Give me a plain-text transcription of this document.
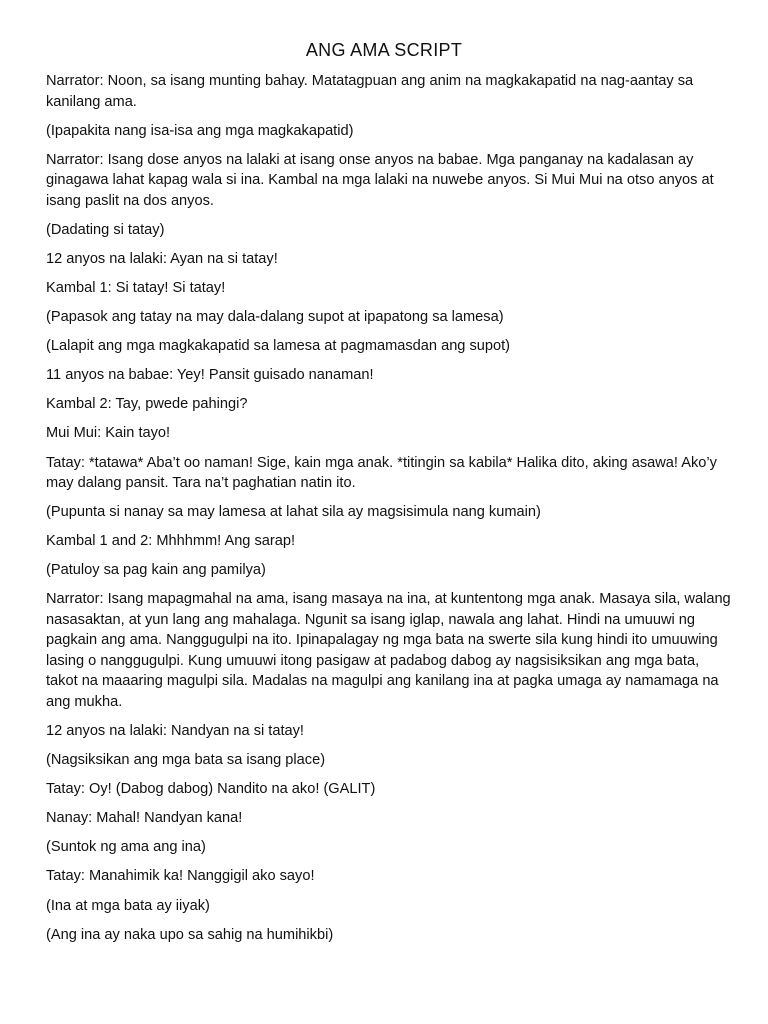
ANG AMA SCRIPT

Narrator: Noon, sa isang munting bahay. Matatagpuan ang anim na magkakapatid na nag-aantay sa kanilang ama.

(Ipapakita nang isa-isa ang mga magkakapatid)

Narrator: Isang dose anyos na lalaki at isang onse anyos na babae. Mga panganay na kadalasan ay ginagawa lahat kapag wala si ina. Kambal na mga lalaki na nuwebe anyos. Si Mui Mui na otso anyos at isang paslit na dos anyos.

(Dadating si tatay)

12 anyos na lalaki: Ayan na si tatay!

Kambal 1: Si tatay! Si tatay!

(Papasok ang tatay na may dala-dalang supot at ipapatong sa lamesa)

(Lalapit ang mga magkakapatid sa lamesa at pagmamasdan ang supot)

11 anyos na babae: Yey! Pansit guisado nanaman!

Kambal 2: Tay, pwede pahingi?

Mui Mui: Kain tayo!

Tatay: *tatawa* Aba’t oo naman! Sige, kain mga anak. *titingin sa kabila* Halika dito, aking asawa! Ako’y may dalang pansit. Tara na’t paghatian natin ito.

(Pupunta si nanay sa may lamesa at lahat sila ay magsisimula nang kumain)

Kambal 1 and 2: Mhhhmm! Ang sarap!

(Patuloy sa pag kain ang pamilya)

Narrator: Isang mapagmahal na ama, isang masaya na ina, at kuntentong mga anak. Masaya sila, walang nasasaktan, at yun lang ang mahalaga. Ngunit sa isang iglap, nawala ang lahat. Hindi na umuuwi ng pagkain ang ama. Nanggugulpi na ito. Ipinapalagay ng mga bata na swerte sila kung hindi ito umuuwing lasing o nanggugulpi. Kung umuuwi itong pasigaw at padabog dabog ay nagsisiksikan ang mga bata, takot na maaaring magulpi sila. Madalas na magulpi ang kanilang ina at pagka umaga ay namamaga na ang mukha.

12 anyos na lalaki: Nandyan na si tatay!

(Nagsiksikan ang mga bata sa isang place)

Tatay: Oy! (Dabog dabog) Nandito na ako! (GALIT)

Nanay: Mahal! Nandyan kana!

(Suntok ng ama ang ina)

Tatay: Manahimik ka! Nanggigil ako sayo!

(Ina at mga bata ay iiyak)

(Ang ina ay naka upo sa sahig na humihikbi)
